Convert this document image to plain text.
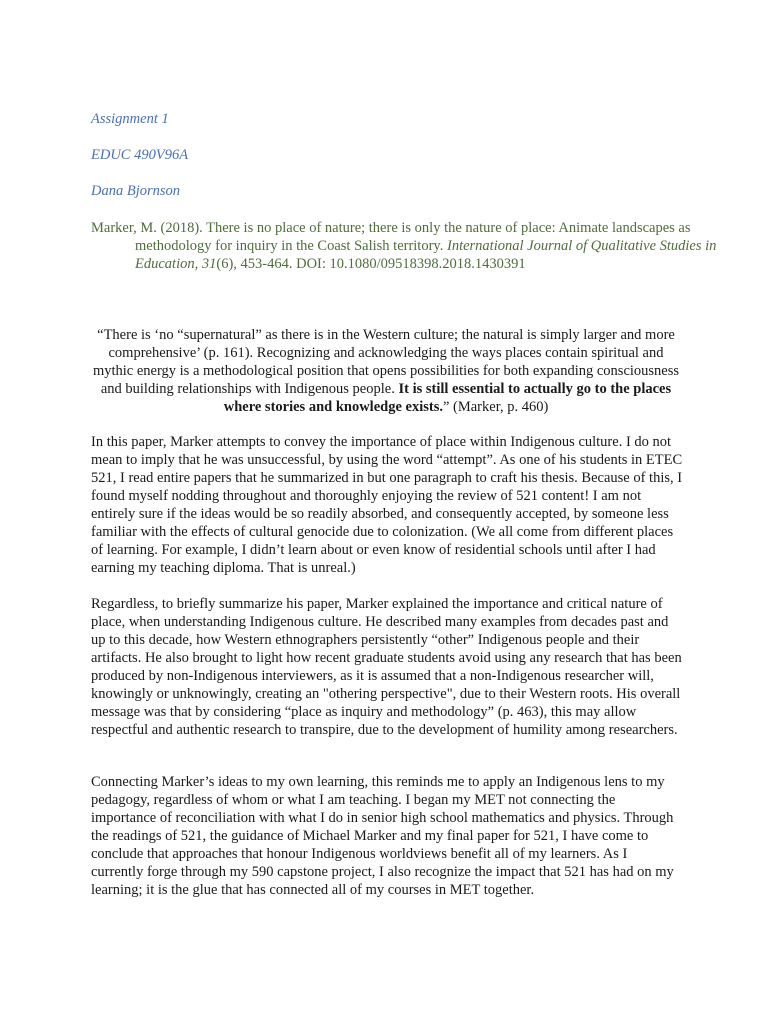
Assignment 1
EDUC 490V96A
Dana Bjornson
Marker, M. (2018). There is no place of nature; there is only the nature of place: Animate landscapes as methodology for inquiry in the Coast Salish territory. International Journal of Qualitative Studies in Education, 31(6), 453-464. DOI: 10.1080/09518398.2018.1430391
“There is ‘no “supernatural” as there is in the Western culture; the natural is simply larger and more comprehensive’ (p. 161). Recognizing and acknowledging the ways places contain spiritual and mythic energy is a methodological position that opens possibilities for both expanding consciousness and building relationships with Indigenous people. It is still essential to actually go to the places where stories and knowledge exists.” (Marker, p. 460)
In this paper, Marker attempts to convey the importance of place within Indigenous culture. I do not mean to imply that he was unsuccessful, by using the word “attempt”. As one of his students in ETEC 521, I read entire papers that he summarized in but one paragraph to craft his thesis. Because of this, I found myself nodding throughout and thoroughly enjoying the review of 521 content! I am not entirely sure if the ideas would be so readily absorbed, and consequently accepted, by someone less familiar with the effects of cultural genocide due to colonization. (We all come from different places of learning. For example, I didn’t learn about or even know of residential schools until after I had earning my teaching diploma. That is unreal.)
Regardless, to briefly summarize his paper, Marker explained the importance and critical nature of place, when understanding Indigenous culture. He described many examples from decades past and up to this decade, how Western ethnographers persistently “other” Indigenous people and their artifacts. He also brought to light how recent graduate students avoid using any research that has been produced by non-Indigenous interviewers, as it is assumed that a non-Indigenous researcher will, knowingly or unknowingly, creating an "othering perspective", due to their Western roots. His overall message was that by considering “place as inquiry and methodology” (p. 463), this may allow respectful and authentic research to transpire, due to the development of humility among researchers.
Connecting Marker’s ideas to my own learning, this reminds me to apply an Indigenous lens to my pedagogy, regardless of whom or what I am teaching. I began my MET not connecting the importance of reconciliation with what I do in senior high school mathematics and physics. Through the readings of 521, the guidance of Michael Marker and my final paper for 521, I have come to conclude that approaches that honour Indigenous worldviews benefit all of my learners. As I currently forge through my 590 capstone project, I also recognize the impact that 521 has had on my learning; it is the glue that has connected all of my courses in MET together.
